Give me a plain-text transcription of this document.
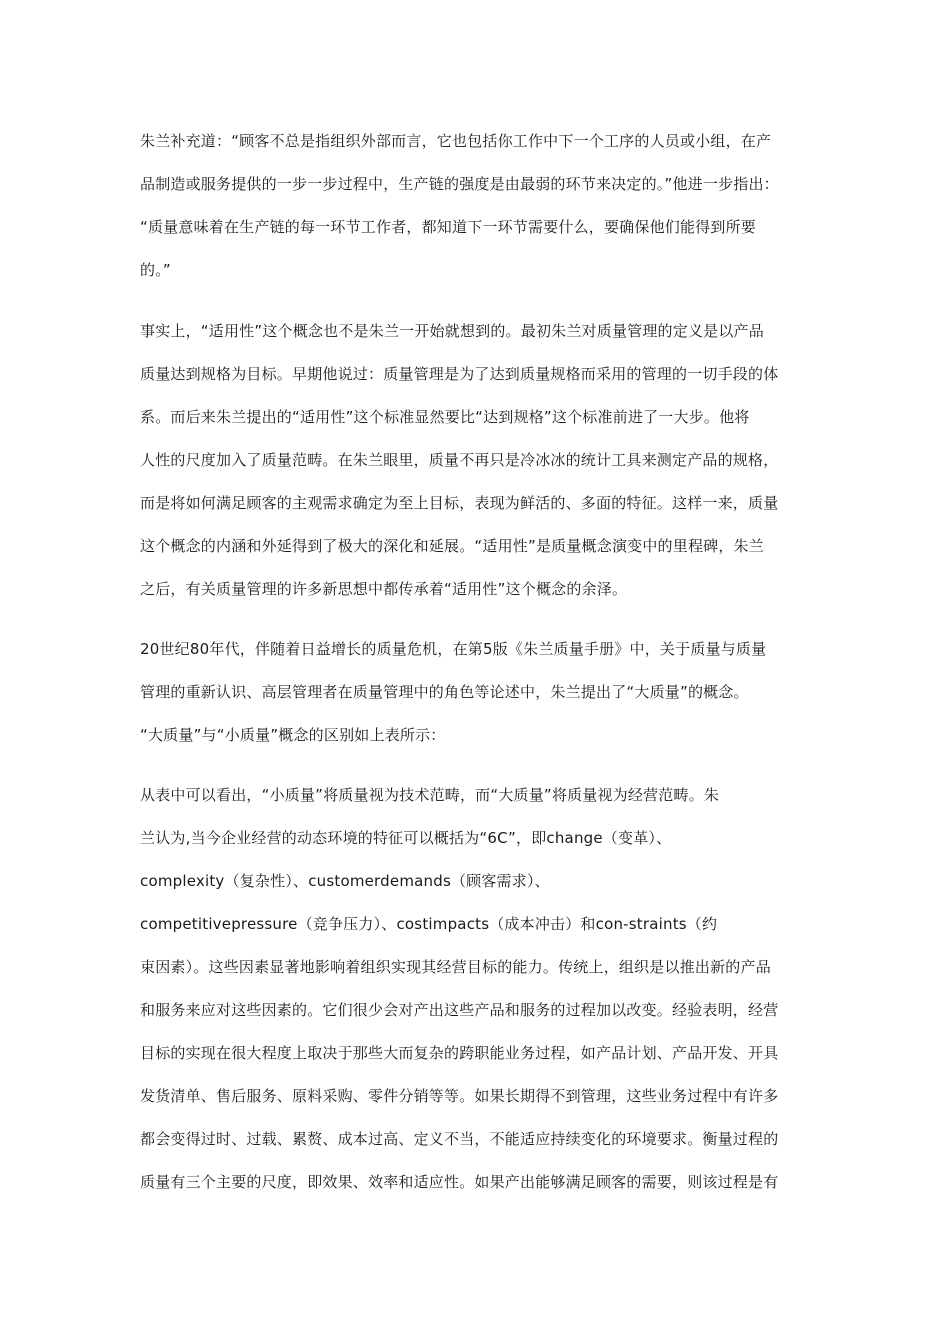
朱兰补充道：“顾客不总是指组织外部而言，它也包括你工作中下一个工序的人员或小组，在产
品制造或服务提供的一步一步过程中，生产链的强度是由最弱的环节来决定的。”他进一步指出：
“质量意味着在生产链的每一环节工作者，都知道下一环节需要什么，要确保他们能得到所要
的。”

事实上，“适用性”这个概念也不是朱兰一开始就想到的。最初朱兰对质量管理的定义是以产品
质量达到规格为目标。早期他说过：质量管理是为了达到质量规格而采用的管理的一切手段的体
系。而后来朱兰提出的“适用性”这个标准显然要比“达到规格”这个标准前进了一大步。他将
人性的尺度加入了质量范畴。在朱兰眼里，质量不再只是冷冰冰的统计工具来测定产品的规格，
而是将如何满足顾客的主观需求确定为至上目标，表现为鲜活的、多面的特征。这样一来，质量
这个概念的内涵和外延得到了极大的深化和延展。“适用性”是质量概念演变中的里程碑，朱兰
之后，有关质量管理的许多新思想中都传承着“适用性”这个概念的余泽。

20世纪80年代，伴随着日益增长的质量危机，在第5版《朱兰质量手册》中，关于质量与质量
管理的重新认识、高层管理者在质量管理中的角色等论述中，朱兰提出了“大质量”的概念。
“大质量”与“小质量”概念的区别如上表所示：

从表中可以看出，“小质量”将质量视为技术范畴，而“大质量”将质量视为经营范畴。朱
兰认为,当今企业经营的动态环境的特征可以概括为“6C”，即change（变革）、
complexity（复杂性）、customerdemands（顾客需求）、
competitivepressure（竞争压力）、costimpacts（成本冲击）和con-straints（约
束因素）。这些因素显著地影响着组织实现其经营目标的能力。传统上，组织是以推出新的产品
和服务来应对这些因素的。它们很少会对产出这些产品和服务的过程加以改变。经验表明，经营
目标的实现在很大程度上取决于那些大而复杂的跨职能业务过程，如产品计划、产品开发、开具
发货清单、售后服务、原料采购、零件分销等等。如果长期得不到管理，这些业务过程中有许多
都会变得过时、过载、累赘、成本过高、定义不当，不能适应持续变化的环境要求。衡量过程的
质量有三个主要的尺度，即效果、效率和适应性。如果产出能够满足顾客的需要，则该过程是有
